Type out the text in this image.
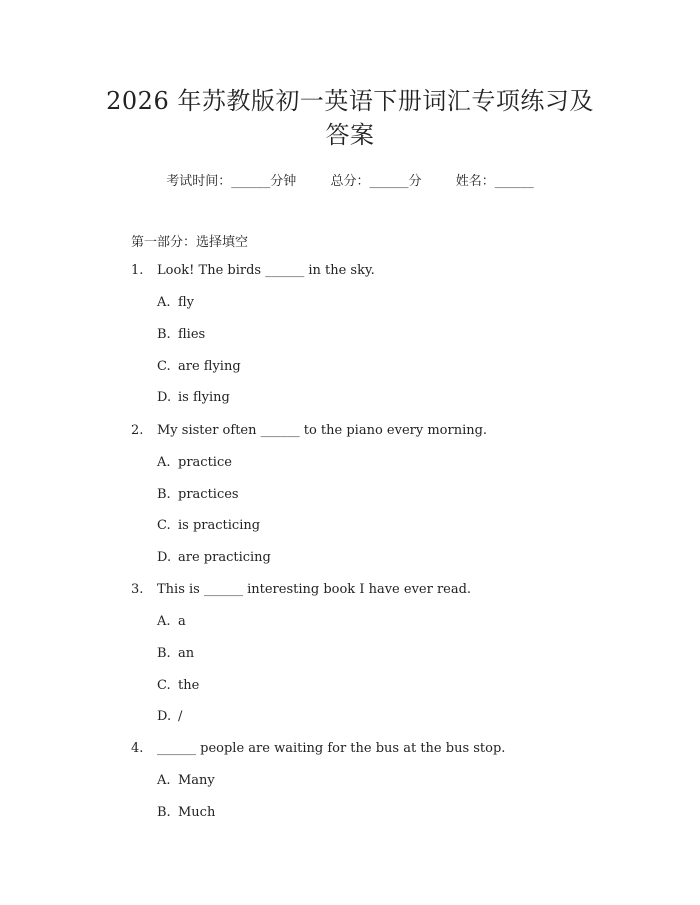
2026 年苏教版初一英语下册词汇专项练习及
答案
考试时间：______分钟	总分：______分	姓名：______
第一部分：选择填空
1. Look! The birds ______ in the sky.
A. fly
B. flies
C. are flying
D. is flying
2. My sister often ______ to the piano every morning.
A. practice
B. practices
C. is practicing
D. are practicing
3. This is ______ interesting book I have ever read.
A. a
B. an
C. the
D. /
4. ______ people are waiting for the bus at the bus stop.
A. Many
B. Much
